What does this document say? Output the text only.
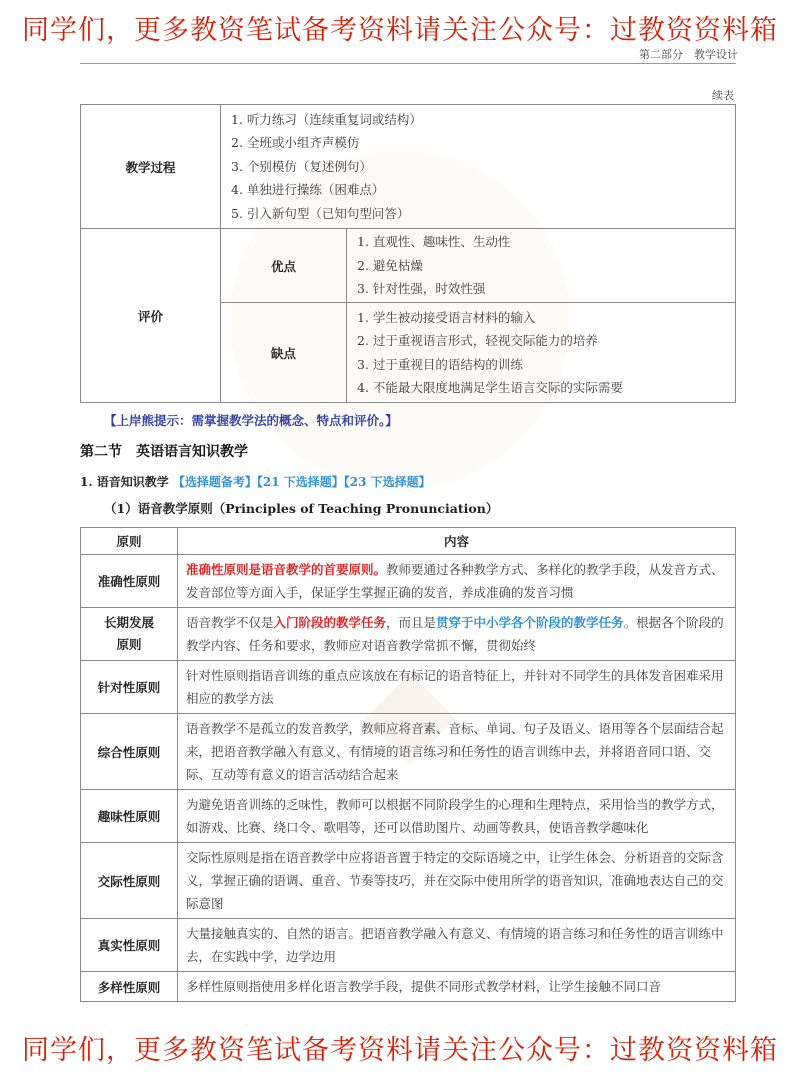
◆
同学们，更多教资笔试备考资料请关注公众号：过教资资料箱
第二部分　教学设计
续表
教学过程	1. 听力练习（连续重复词或结构）
2. 全班或小组齐声模仿
3. 个别模仿（复述例句）
4. 单独进行操练（困难点）
5. 引入新句型（已知句型问答）	

评价	优点	1. 直观性、趣味性、生动性
2. 避免枯燥
3. 针对性强，时效性强

	缺点	1. 学生被动接受语言材料的输入
2. 过于重视语言形式，轻视交际能力的培养
3. 过于重视目的语结构的训练
4. 不能最大限度地满足学生语言交际的实际需要
【上岸熊提示：需掌握教学法的概念、特点和评价。】
第二节　英语语言知识教学
1. 语音知识教学 【选择题备考】【21 下选择题】【23 下选择题】
（1）语音教学原则（Principles of Teaching Pronunciation）
原则	内容
准确性原则	准确性原则是语音教学的首要原则。教师要通过各种教学方式、多样化的教学手段，从发音方式、发音部位等方面入手，保证学生掌握正确的发音，养成准确的发音习惯
长期发展原则	语音教学不仅是入门阶段的教学任务，而且是贯穿于中小学各个阶段的教学任务。根据各个阶段的教学内容、任务和要求，教师应对语音教学常抓不懈，贯彻始终
针对性原则	针对性原则指语音训练的重点应该放在有标记的语音特征上，并针对不同学生的具体发音困难采用相应的教学方法
综合性原则	语音教学不是孤立的发音教学，教师应将音素、音标、单词、句子及语义、语用等各个层面结合起来，把语音教学融入有意义、有情境的语言练习和任务性的语言训练中去，并将语音同口语、交际、互动等有意义的语言活动结合起来
趣味性原则	为避免语音训练的乏味性，教师可以根据不同阶段学生的心理和生理特点，采用恰当的教学方式，如游戏、比赛、绕口令、歌唱等，还可以借助图片、动画等教具，使语音教学趣味化
交际性原则	交际性原则是指在语音教学中应将语音置于特定的交际语境之中，让学生体会、分析语音的交际含义，掌握正确的语调、重音、节奏等技巧，并在交际中使用所学的语音知识，准确地表达自己的交际意图
真实性原则	大量接触真实的、自然的语言。把语音教学融入有意义、有情境的语言练习和任务性的语言训练中去，在实践中学，边学边用
多样性原则	多样性原则指使用多样化语言教学手段，提供不同形式教学材料，让学生接触不同口音
同学们，更多教资笔试备考资料请关注公众号：过教资资料箱
